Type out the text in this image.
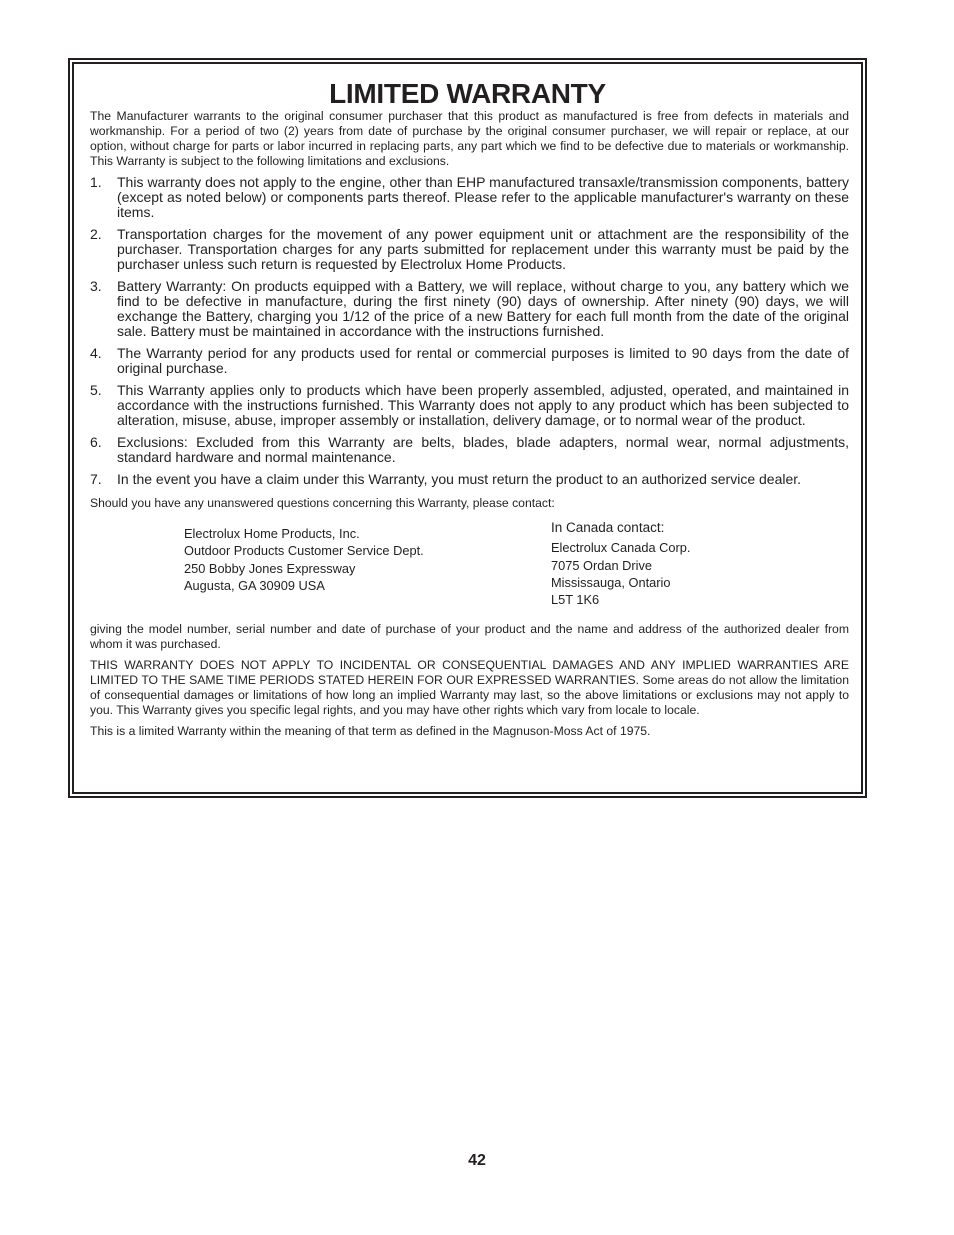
LIMITED WARRANTY

The Manufacturer warrants to the original consumer purchaser that this product as manufactured is free from defects in materials and workmanship. For a period of two (2) years from date of purchase by the original consumer purchaser, we will repair or replace, at our option, without charge for parts or labor incurred in replacing parts, any part which we find to be defective due to materials or workmanship. This Warranty is subject to the following limitations and exclusions.

1. This warranty does not apply to the engine, other than EHP manufactured transaxle/transmission components, battery (except as noted below) or components parts thereof. Please refer to the applicable manufacturer's warranty on these items.
2. Transportation charges for the movement of any power equipment unit or attachment are the responsibility of the purchaser. Transportation charges for any parts submitted for replacement under this warranty must be paid by the purchaser unless such return is requested by Electrolux Home Products.
3. Battery Warranty: On products equipped with a Battery, we will replace, without charge to you, any battery which we find to be defective in manufacture, during the first ninety (90) days of ownership. After ninety (90) days, we will exchange the Battery, charging you 1/12 of the price of a new Battery for each full month from the date of the original sale. Battery must be maintained in accordance with the instructions furnished.
4. The Warranty period for any products used for rental or commercial purposes is limited to 90 days from the date of original purchase.
5. This Warranty applies only to products which have been properly assembled, adjusted, operated, and maintained in accordance with the instructions furnished. This Warranty does not apply to any product which has been subjected to alteration, misuse, abuse, improper assembly or installation, delivery damage, or to normal wear of the product.
6. Exclusions: Excluded from this Warranty are belts, blades, blade adapters, normal wear, normal adjustments, standard hardware and normal maintenance.
7. In the event you have a claim under this Warranty, you must return the product to an authorized service dealer.

Should you have any unanswered questions concerning this Warranty, please contact:

Electrolux Home Products, Inc.
Outdoor Products Customer Service Dept.
250 Bobby Jones Expressway
Augusta, GA 30909 USA
In Canada contact:
Electrolux Canada Corp.
7075 Ordan Drive
Mississauga, Ontario
L5T 1K6

giving the model number, serial number and date of purchase of your product and the name and address of the authorized dealer from whom it was purchased.

THIS WARRANTY DOES NOT APPLY TO INCIDENTAL OR CONSEQUENTIAL DAMAGES AND ANY IMPLIED WARRANTIES ARE LIMITED TO THE SAME TIME PERIODS STATED HEREIN FOR OUR EXPRESSED WARRANTIES. Some areas do not allow the limitation of consequential damages or limitations of how long an implied Warranty may last, so the above limitations or exclusions may not apply to you. This Warranty gives you specific legal rights, and you may have other rights which vary from locale to locale.

This is a limited Warranty within the meaning of that term as defined in the Magnuson-Moss Act of 1975.

42
